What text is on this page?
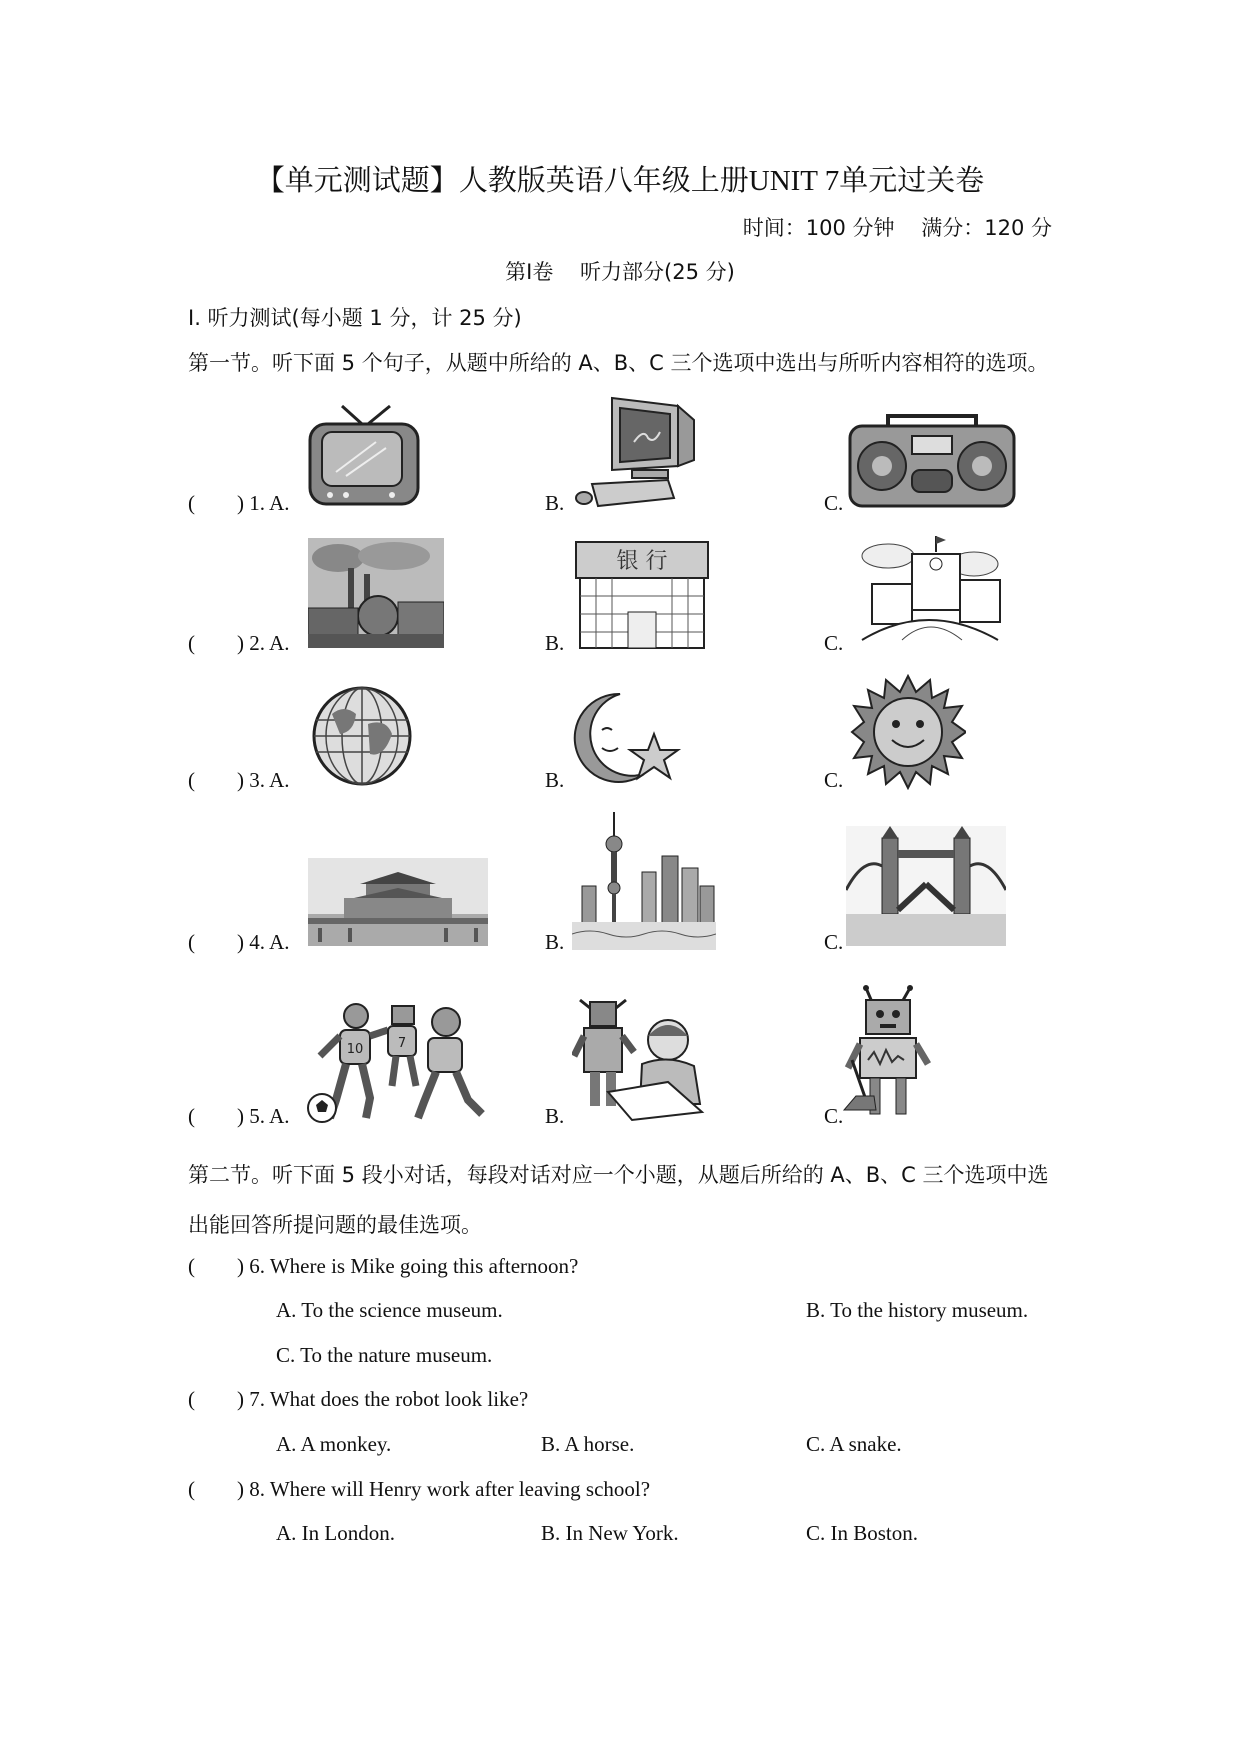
【单元测试题】人教版英语八年级上册UNIT 7单元过关卷
时间：100 分钟    满分：120 分
第Ⅰ卷    听力部分(25 分)
Ⅰ. 听力测试(每小题 1 分，计 25 分)
第一节。听下面 5 个句子，从题中所给的 A、B、C 三个选项中选出与所听内容相符的选项。
(        ) 1. A.	B.	C.
(        ) 2. A.	B.	C.
银 行
(        ) 3. A.	B.	C.
(        ) 4. A.	B.	C.
(        ) 5. A.	B.	C.
10	7
第二节。听下面 5 段小对话，每段对话对应一个小题，从题后所给的 A、B、C 三个选项中选
出能回答所提问题的最佳选项。
(        ) 6. Where is Mike going this afternoon?
A. To the science museum.	B. To the history museum.
C. To the nature museum.
(        ) 7. What does the robot look like?
A. A monkey.	B. A horse.	C. A snake.
(        ) 8. Where will Henry work after leaving school?
A. In London.	B. In New York.	C. In Boston.
